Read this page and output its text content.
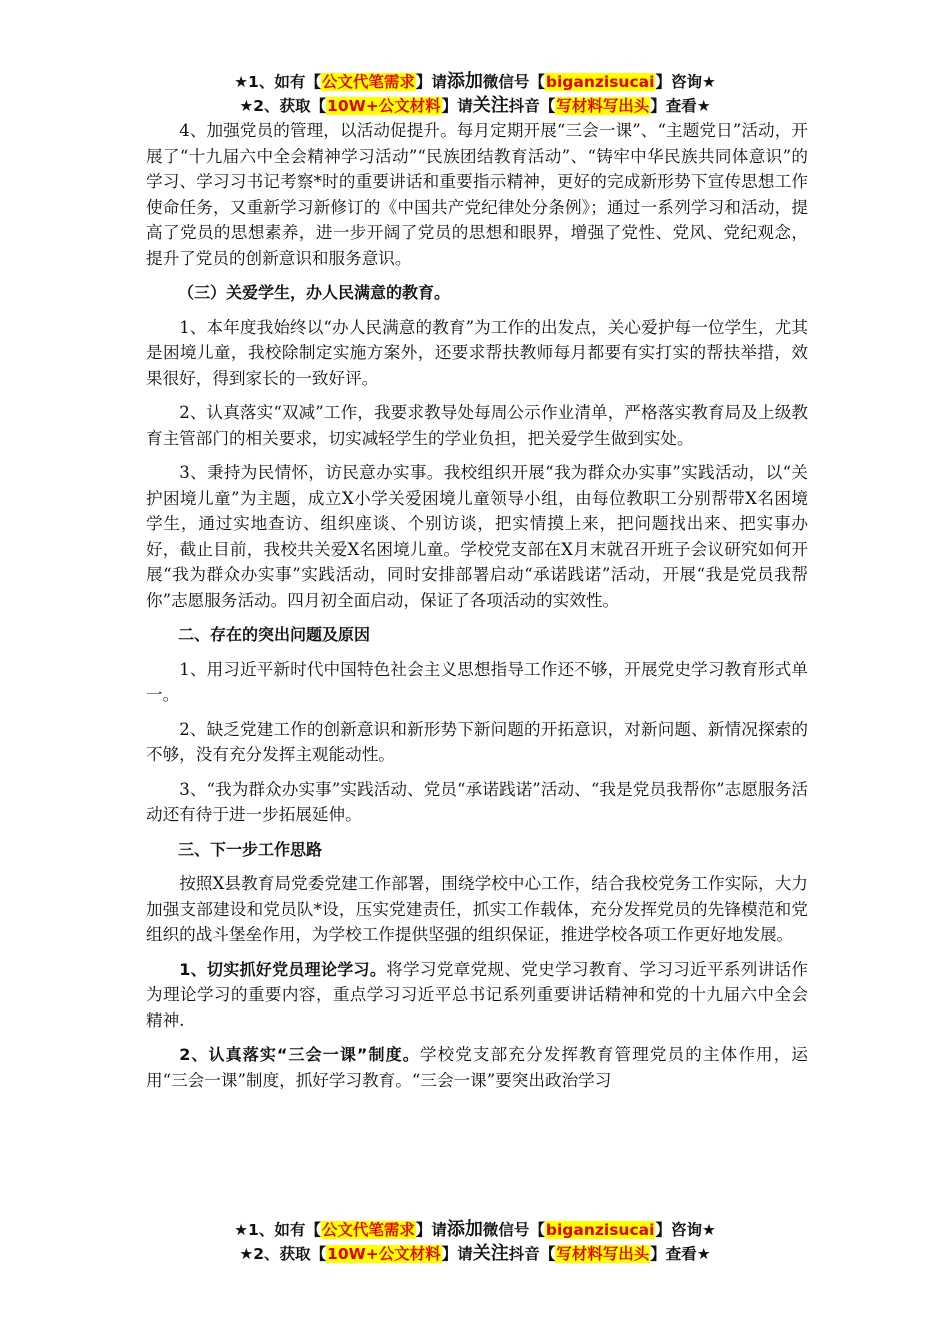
★1、如有【公文代笔需求】请添加微信号【biganzisucai】咨询★
★2、获取【10W+公文材料】请关注抖音【写材料写出头】查看★

4、加强党员的管理，以活动促提升。每月定期开展“三会一课”、“主题党日”活动，开展了“十九届六中全会精神学习活动”“民族团结教育活动”、“铸牢中华民族共同体意识”的学习、学习习书记考察*时的重要讲话和重要指示精神，更好的完成新形势下宣传思想工作使命任务，又重新学习新修订的《中国共产党纪律处分条例》；通过一系列学习和活动，提高了党员的思想素养，进一步开阔了党员的思想和眼界，增强了党性、党风、党纪观念，提升了党员的创新意识和服务意识。

（三）关爱学生，办人民满意的教育。

1、本年度我始终以“办人民满意的教育”为工作的出发点，关心爱护每一位学生，尤其是困境儿童，我校除制定实施方案外，还要求帮扶教师每月都要有实打实的帮扶举措，效果很好，得到家长的一致好评。

2、认真落实“双减”工作，我要求教导处每周公示作业清单，严格落实教育局及上级教育主管部门的相关要求，切实减轻学生的学业负担，把关爱学生做到实处。

3、秉持为民情怀，访民意办实事。我校组织开展“我为群众办实事”实践活动，以“关护困境儿童”为主题，成立X小学关爱困境儿童领导小组，由每位教职工分别帮带X名困境学生，通过实地查访、组织座谈、个别访谈，把实情摸上来，把问题找出来、把实事办好，截止目前，我校共关爱X名困境儿童。学校党支部在X月末就召开班子会议研究如何开展“我为群众办实事”实践活动，同时安排部署启动“承诺践诺”活动，开展“我是党员我帮你”志愿服务活动。四月初全面启动，保证了各项活动的实效性。

二、存在的突出问题及原因

1、用习近平新时代中国特色社会主义思想指导工作还不够，开展党史学习教育形式单一。

2、缺乏党建工作的创新意识和新形势下新问题的开拓意识，对新问题、新情况探索的不够，没有充分发挥主观能动性。

3、“我为群众办实事”实践活动、党员“承诺践诺”活动、“我是党员我帮你”志愿服务活动还有待于进一步拓展延伸。

三、下一步工作思路

按照X县教育局党委党建工作部署，围绕学校中心工作，结合我校党务工作实际，大力加强支部建设和党员队*设，压实党建责任，抓实工作载体，充分发挥党员的先锋模范和党组织的战斗堡垒作用，为学校工作提供坚强的组织保证，推进学校各项工作更好地发展。

1、切实抓好党员理论学习。将学习党章党规、党史学习教育、学习习近平系列讲话作为理论学习的重要内容，重点学习习近平总书记系列重要讲话精神和党的十九届六中全会精神.

2、认真落实“三会一课”制度。学校党支部充分发挥教育管理党员的主体作用，运用“三会一课”制度，抓好学习教育。“三会一课”要突出政治学习

★1、如有【公文代笔需求】请添加微信号【biganzisucai】咨询★
★2、获取【10W+公文材料】请关注抖音【写材料写出头】查看★
